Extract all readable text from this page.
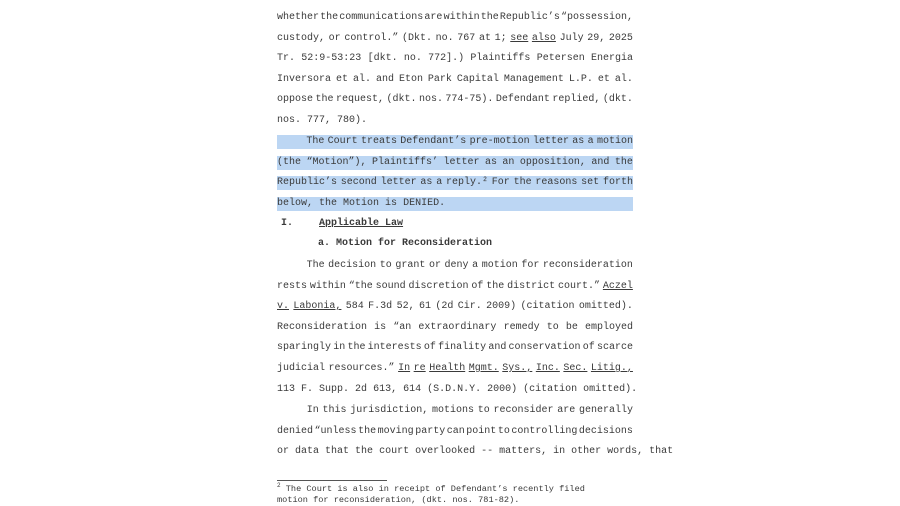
whether the communications are within the Republic’s “possession,
custody, or control.” (Dkt. no. 767 at 1; see also July 29, 2025
Tr. 52:9-53:23 [dkt. no. 772].) Plaintiffs Petersen Energia
Inversora et al. and Eton Park Capital Management L.P. et al.
oppose the request, (dkt. nos. 774-75). Defendant replied, (dkt.
nos. 777, 780).
The Court treats Defendant’s pre-motion letter as a motion
(the “Motion”), Plaintiffs’ letter as an opposition, and the
Republic’s second letter as a reply.² For the reasons set forth
below, the Motion is DENIED.
The decision to grant or deny a motion for reconsideration
rests within “the sound discretion of the district court.” Aczel
v. Labonia, 584 F.3d 52, 61 (2d Cir. 2009) (citation omitted).
Reconsideration is “an extraordinary remedy to be employed
sparingly in the interests of finality and conservation of scarce
judicial resources.” In re Health Mgmt. Sys., Inc. Sec. Litig.,
113 F. Supp. 2d 613, 614 (S.D.N.Y. 2000) (citation omitted).
In this jurisdiction, motions to reconsider are generally
denied “unless the moving party can point to controlling decisions
or data that the court overlooked -- matters, in other words, that
I.	Applicable Law
a. Motion for Reconsideration
$^2$ The Court is also in receipt of Defendant’s recently filed
motion for reconsideration, (dkt. nos. 781-82).
